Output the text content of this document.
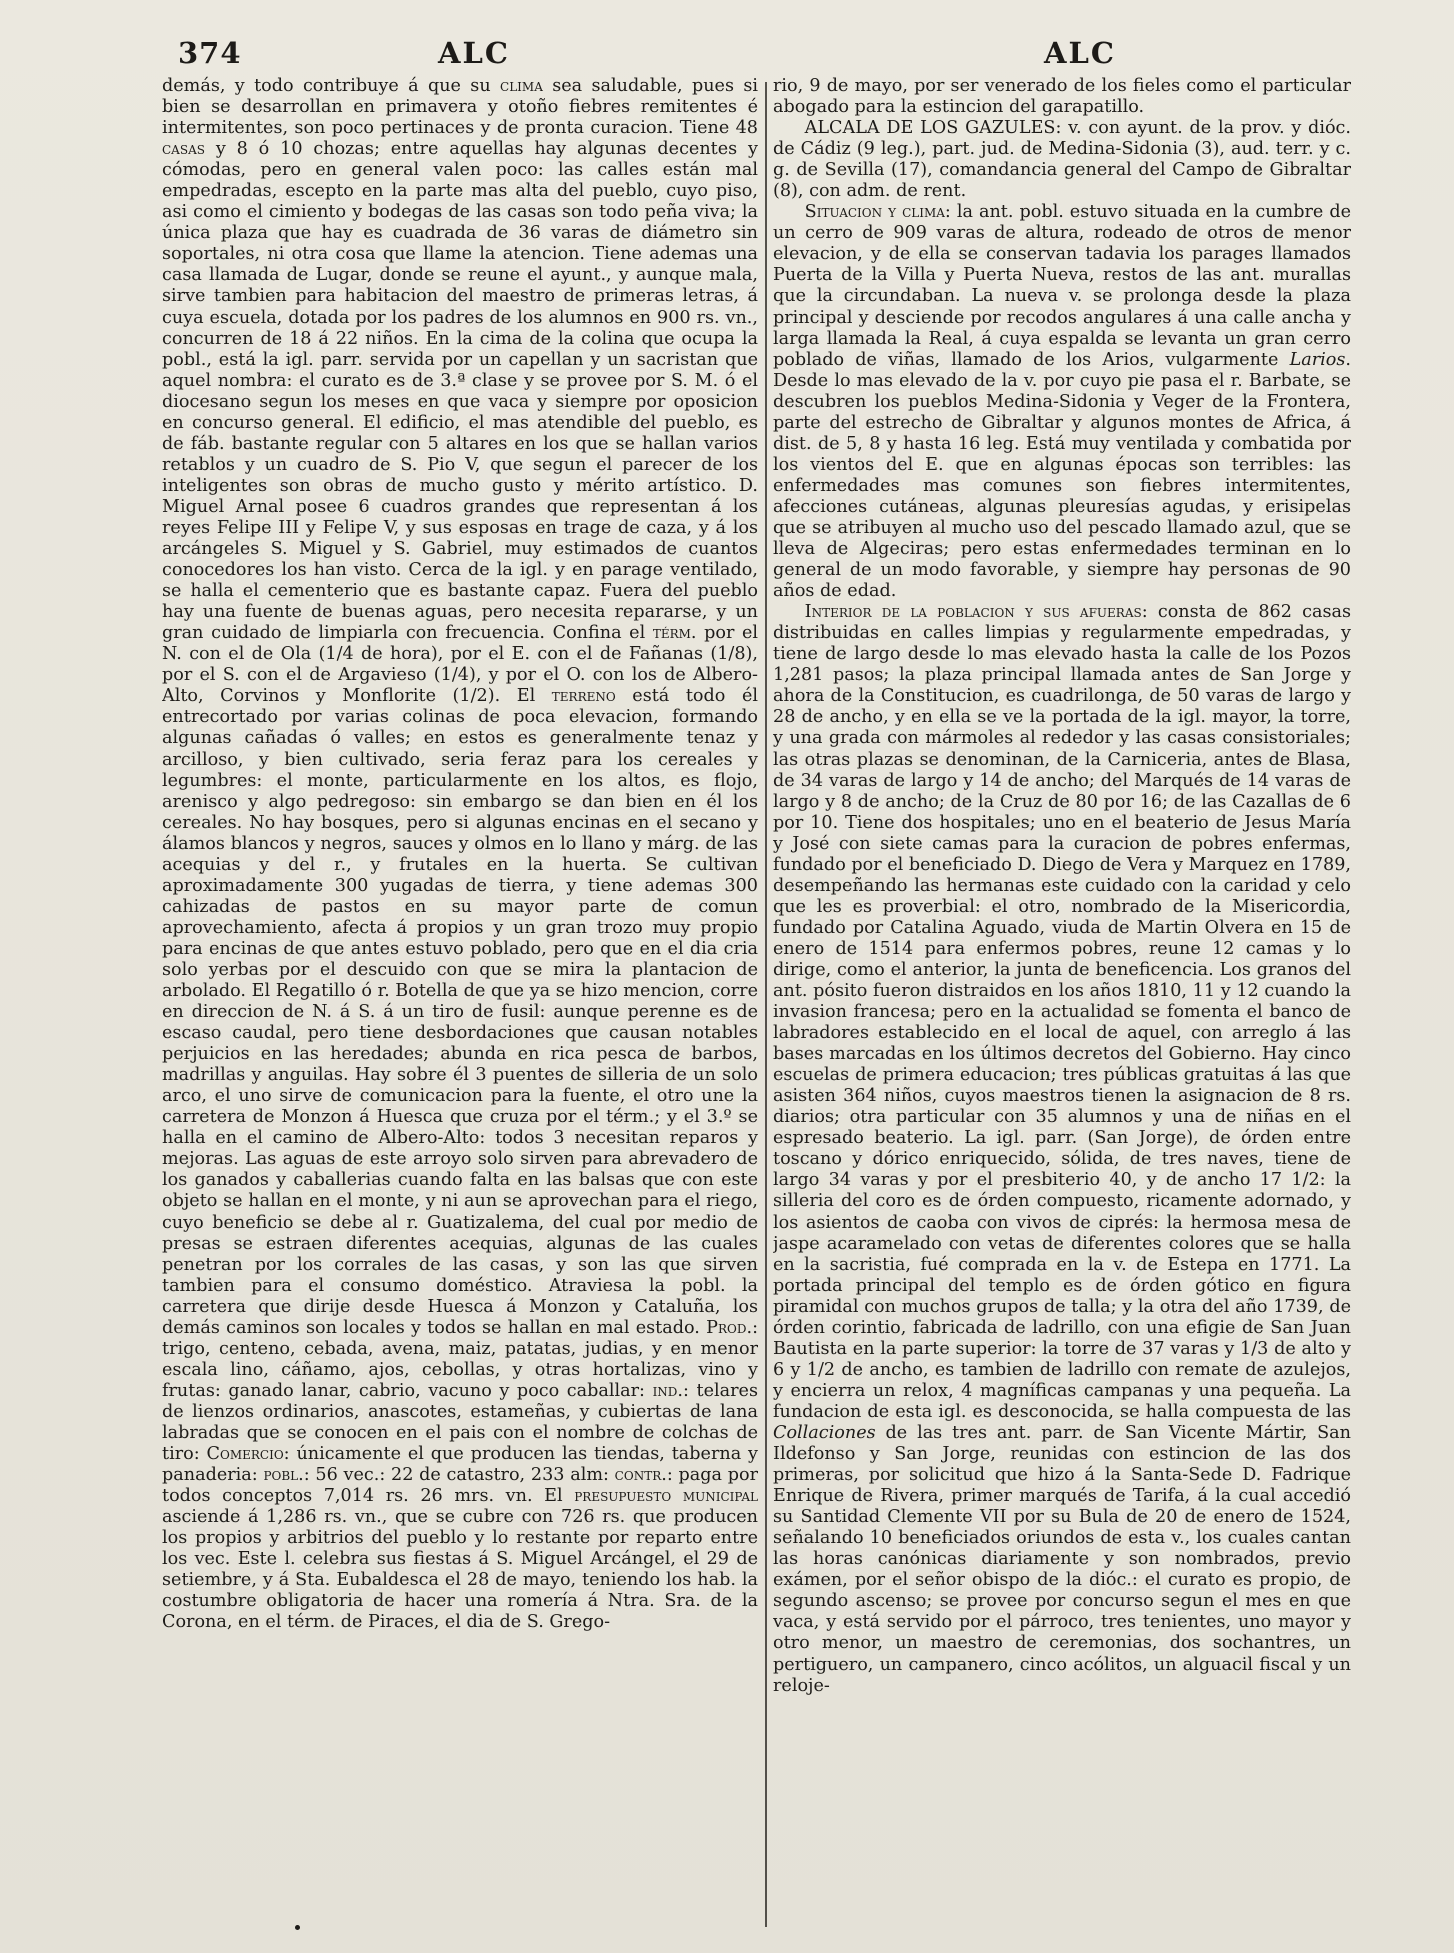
374	ALC	ALC

demás, y todo contribuye á que su clima sea saludable, pues si bien se desarrollan en primavera y otoño fiebres remitentes é intermitentes, son poco pertinaces y de pronta curacion. Tiene 48 casas y 8 ó 10 chozas; entre aquellas hay algunas decentes y cómodas, pero en general valen poco: las calles están mal empedradas, escepto en la parte mas alta del pueblo, cuyo piso, asi como el cimiento y bodegas de las casas son todo peña viva; la única plaza que hay es cuadrada de 36 varas de diámetro sin soportales, ni otra cosa que llame la atencion. Tiene ademas una casa llamada de Lugar, donde se reune el ayunt., y aunque mala, sirve tambien para habitacion del maestro de primeras letras, á cuya escuela, dotada por los padres de los alumnos en 900 rs. vn., concurren de 18 á 22 niños. En la cima de la colina que ocupa la pobl., está la igl. parr. servida por un capellan y un sacristan que aquel nombra: el curato es de 3.ª clase y se provee por S. M. ó el diocesano segun los meses en que vaca y siempre por oposicion en concurso general. El edificio, el mas atendible del pueblo, es de fáb. bastante regular con 5 altares en los que se hallan varios retablos y un cuadro de S. Pio V, que segun el parecer de los inteligentes son obras de mucho gusto y mérito artístico. D. Miguel Arnal posee 6 cuadros grandes que representan á los reyes Felipe III y Felipe V, y sus esposas en trage de caza, y á los arcángeles S. Miguel y S. Gabriel, muy estimados de cuantos conocedores los han visto. Cerca de la igl. y en parage ventilado, se halla el cementerio que es bastante capaz. Fuera del pueblo hay una fuente de buenas aguas, pero necesita repararse, y un gran cuidado de limpiarla con frecuencia. Confina el térm. por el N. con el de Ola (1/4 de hora), por el E. con el de Fañanas (1/8), por el S. con el de Argavieso (1/4), y por el O. con los de Albero-Alto, Corvinos y Monflorite (1/2). El terreno está todo él entrecortado por varias colinas de poca elevacion, formando algunas cañadas ó valles; en estos es generalmente tenaz y arcilloso, y bien cultivado, seria feraz para los cereales y legumbres: el monte, particularmente en los altos, es flojo, arenisco y algo pedregoso: sin embargo se dan bien en él los cereales. No hay bosques, pero si algunas encinas en el secano y álamos blancos y negros, sauces y olmos en lo llano y márg. de las acequias y del r., y frutales en la huerta. Se cultivan aproximadamente 300 yugadas de tierra, y tiene ademas 300 cahizadas de pastos en su mayor parte de comun aprovechamiento, afecta á propios y un gran trozo muy propio para encinas de que antes estuvo poblado, pero que en el dia cria solo yerbas por el descuido con que se mira la plantacion de arbolado. El Regatillo ó r. Botella de que ya se hizo mencion, corre en direccion de N. á S. á un tiro de fusil: aunque perenne es de escaso caudal, pero tiene desbordaciones que causan notables perjuicios en las heredades; abunda en rica pesca de barbos, madrillas y anguilas. Hay sobre él 3 puentes de silleria de un solo arco, el uno sirve de comunicacion para la fuente, el otro une la carretera de Monzon á Huesca que cruza por el térm.; y el 3.º se halla en el camino de Albero-Alto: todos 3 necesitan reparos y mejoras. Las aguas de este arroyo solo sirven para abrevadero de los ganados y caballerias cuando falta en las balsas que con este objeto se hallan en el monte, y ni aun se aprovechan para el riego, cuyo beneficio se debe al r. Guatizalema, del cual por medio de presas se estraen diferentes acequias, algunas de las cuales penetran por los corrales de las casas, y son las que sirven tambien para el consumo doméstico. Atraviesa la pobl. la carretera que dirije desde Huesca á Monzon y Cataluña, los demás caminos son locales y todos se hallan en mal estado. Prod.: trigo, centeno, cebada, avena, maiz, patatas, judias, y en menor escala lino, cáñamo, ajos, cebollas, y otras hortalizas, vino y frutas: ganado lanar, cabrio, vacuno y poco caballar: ind.: telares de lienzos ordinarios, anascotes, estameñas, y cubiertas de lana labradas que se conocen en el pais con el nombre de colchas de tiro: Comercio: únicamente el que producen las tiendas, taberna y panaderia: pobl.: 56 vec.: 22 de catastro, 233 alm: contr.: paga por todos conceptos 7,014 rs. 26 mrs. vn. El presupuesto municipal asciende á 1,286 rs. vn., que se cubre con 726 rs. que producen los propios y arbitrios del pueblo y lo restante por reparto entre los vec. Este l. celebra sus fiestas á S. Miguel Arcángel, el 29 de setiembre, y á Sta. Eubaldesca el 28 de mayo, teniendo los hab. la costumbre obligatoria de hacer una romería á Ntra. Sra. de la Corona, en el térm. de Piraces, el dia de S. Grego-

rio, 9 de mayo, por ser venerado de los fieles como el particular abogado para la estincion del garapatillo.

ALCALA DE LOS GAZULES: v. con ayunt. de la prov. y dióc. de Cádiz (9 leg.), part. jud. de Medina-Sidonia (3), aud. terr. y c. g. de Sevilla (17), comandancia general del Campo de Gibraltar (8), con adm. de rent.

Situacion y clima: la ant. pobl. estuvo situada en la cumbre de un cerro de 909 varas de altura, rodeado de otros de menor elevacion, y de ella se conservan tadavia los parages llamados Puerta de la Villa y Puerta Nueva, restos de las ant. murallas que la circundaban. La nueva v. se prolonga desde la plaza principal y desciende por recodos angulares á una calle ancha y larga llamada la Real, á cuya espalda se levanta un gran cerro poblado de viñas, llamado de los Arios, vulgarmente Larios. Desde lo mas elevado de la v. por cuyo pie pasa el r. Barbate, se descubren los pueblos Medina-Sidonia y Veger de la Frontera, parte del estrecho de Gibraltar y algunos montes de Africa, á dist. de 5, 8 y hasta 16 leg. Está muy ventilada y combatida por los vientos del E. que en algunas épocas son terribles: las enfermedades mas comunes son fiebres intermitentes, afecciones cutáneas, algunas pleuresías agudas, y erisipelas que se atribuyen al mucho uso del pescado llamado azul, que se lleva de Algeciras; pero estas enfermedades terminan en lo general de un modo favorable, y siempre hay personas de 90 años de edad.

Interior de la poblacion y sus afueras: consta de 862 casas distribuidas en calles limpias y regularmente empedradas, y tiene de largo desde lo mas elevado hasta la calle de los Pozos 1,281 pasos; la plaza principal llamada antes de San Jorge y ahora de la Constitucion, es cuadrilonga, de 50 varas de largo y 28 de ancho, y en ella se ve la portada de la igl. mayor, la torre, y una grada con mármoles al rededor y las casas consistoriales; las otras plazas se denominan, de la Carniceria, antes de Blasa, de 34 varas de largo y 14 de ancho; del Marqués de 14 varas de largo y 8 de ancho; de la Cruz de 80 por 16; de las Cazallas de 6 por 10. Tiene dos hospitales; uno en el beaterio de Jesus María y José con siete camas para la curacion de pobres enfermas, fundado por el beneficiado D. Diego de Vera y Marquez en 1789, desempeñando las hermanas este cuidado con la caridad y celo que les es proverbial: el otro, nombrado de la Misericordia, fundado por Catalina Aguado, viuda de Martin Olvera en 15 de enero de 1514 para enfermos pobres, reune 12 camas y lo dirige, como el anterior, la junta de beneficencia. Los granos del ant. pósito fueron distraidos en los años 1810, 11 y 12 cuando la invasion francesa; pero en la actualidad se fomenta el banco de labradores establecido en el local de aquel, con arreglo á las bases marcadas en los últimos decretos del Gobierno. Hay cinco escuelas de primera educacion; tres públicas gratuitas á las que asisten 364 niños, cuyos maestros tienen la asignacion de 8 rs. diarios; otra particular con 35 alumnos y una de niñas en el espresado beaterio. La igl. parr. (San Jorge), de órden entre toscano y dórico enriquecido, sólida, de tres naves, tiene de largo 34 varas y por el presbiterio 40, y de ancho 17 1/2: la silleria del coro es de órden compuesto, ricamente adornado, y los asientos de caoba con vivos de ciprés: la hermosa mesa de jaspe acaramelado con vetas de diferentes colores que se halla en la sacristia, fué comprada en la v. de Estepa en 1771. La portada principal del templo es de órden gótico en figura piramidal con muchos grupos de talla; y la otra del año 1739, de órden corintio, fabricada de ladrillo, con una efigie de San Juan Bautista en la parte superior: la torre de 37 varas y 1/3 de alto y 6 y 1/2 de ancho, es tambien de ladrillo con remate de azulejos, y encierra un relox, 4 magníficas campanas y una pequeña. La fundacion de esta igl. es desconocida, se halla compuesta de las Collaciones de las tres ant. parr. de San Vicente Mártir, San Ildefonso y San Jorge, reunidas con estincion de las dos primeras, por solicitud que hizo á la Santa-Sede D. Fadrique Enrique de Rivera, primer marqués de Tarifa, á la cual accedió su Santidad Clemente VII por su Bula de 20 de enero de 1524, señalando 10 beneficiados oriundos de esta v., los cuales cantan las horas canónicas diariamente y son nombrados, previo exámen, por el señor obispo de la dióc.: el curato es propio, de segundo ascenso; se provee por concurso segun el mes en que vaca, y está servido por el párroco, tres tenientes, uno mayor y otro menor, un maestro de ceremonias, dos sochantres, un pertiguero, un campanero, cinco acólitos, un alguacil fiscal y un reloje-
